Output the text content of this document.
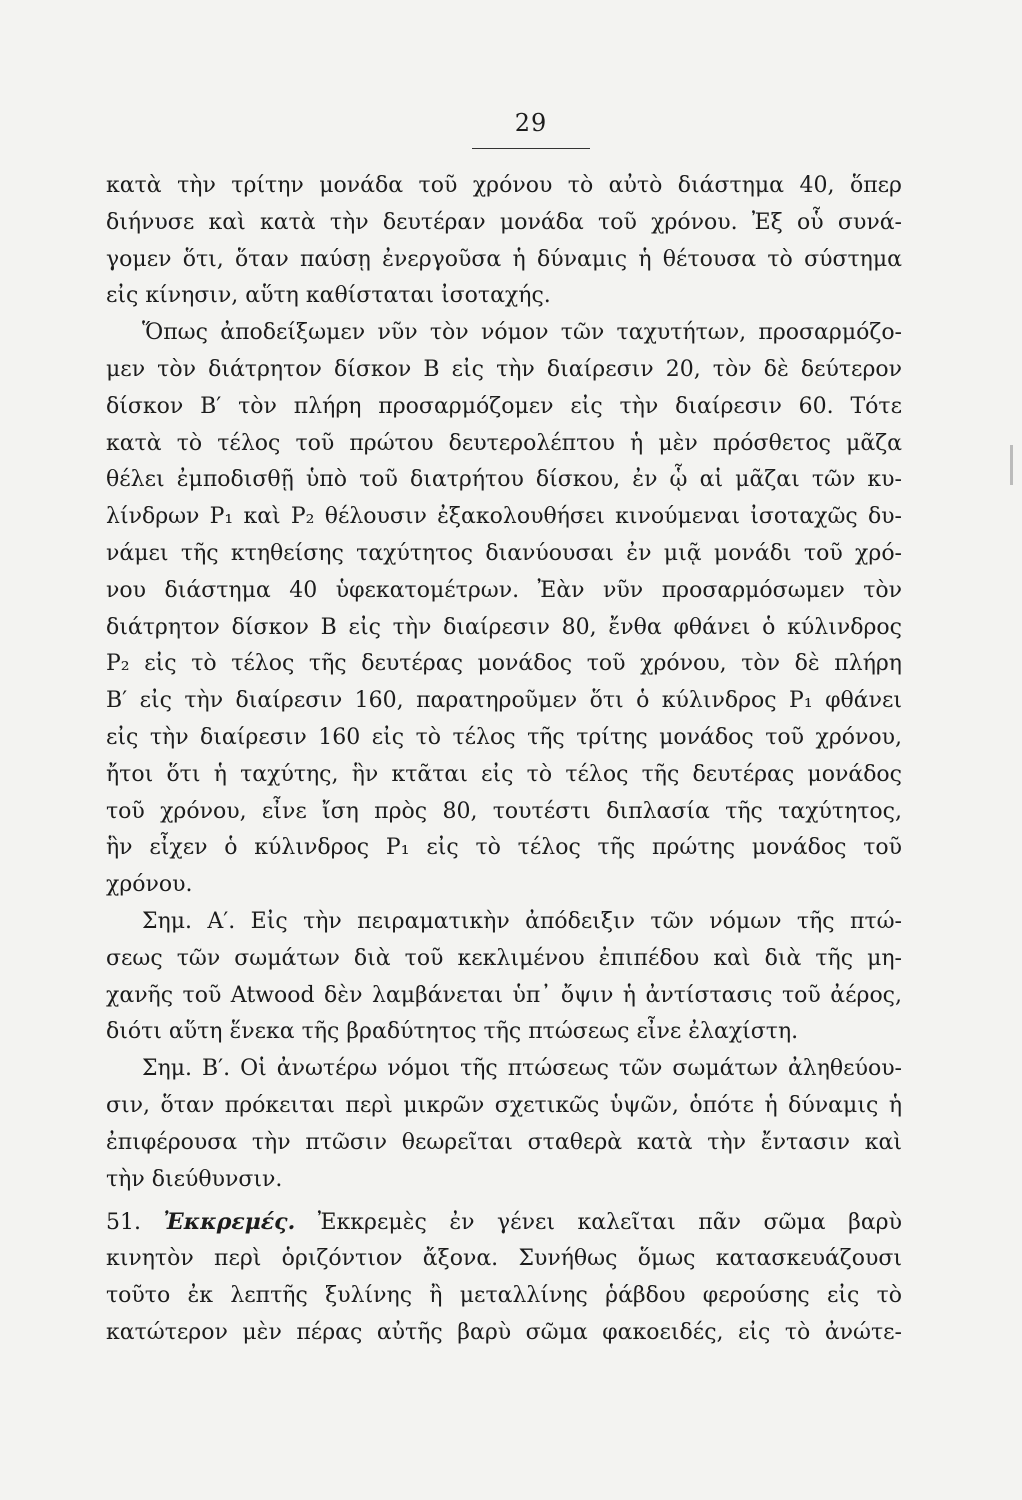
29
κατὰ τὴν τρίτην μονάδα τοῦ χρόνου τὸ αὐτὸ διάστημα 40, ὅπερ
διήνυσε καὶ κατὰ τὴν δευτέραν μονάδα τοῦ χρόνου. Ἐξ οὗ συνά-
γομεν ὅτι, ὅταν παύσῃ ἐνεργοῦσα ἡ δύναμις ἡ θέτουσα τὸ σύστημα
εἰς κίνησιν, αὕτη καθίσταται ἰσοταχής.
Ὅπως ἀποδείξωμεν νῦν τὸν νόμον τῶν ταχυτήτων, προσαρμόζο-
μεν τὸν διάτρητον δίσκον B εἰς τὴν διαίρεσιν 20, τὸν δὲ δεύτερον
δίσκον B′ τὸν πλήρη προσαρμόζομεν εἰς τὴν διαίρεσιν 60. Τότε
κατὰ τὸ τέλος τοῦ πρώτου δευτερολέπτου ἡ μὲν πρόσθετος μᾶζα
θέλει ἐμποδισθῇ ὑπὸ τοῦ διατρήτου δίσκου, ἐν ᾧ αἱ μᾶζαι τῶν κυ-
λίνδρων P₁ καὶ P₂ θέλουσιν ἐξακολουθήσει κινούμεναι ἰσοταχῶς δυ-
νάμει τῆς κτηθείσης ταχύτητος διανύουσαι ἐν μιᾷ μονάδι τοῦ χρό-
νου διάστημα 40 ὑφεκατομέτρων. Ἐὰν νῦν προσαρμόσωμεν τὸν
διάτρητον δίσκον B εἰς τὴν διαίρεσιν 80, ἔνθα φθάνει ὁ κύλινδρος
P₂ εἰς τὸ τέλος τῆς δευτέρας μονάδος τοῦ χρόνου, τὸν δὲ πλήρη
B′ εἰς τὴν διαίρεσιν 160, παρατηροῦμεν ὅτι ὁ κύλινδρος P₁ φθάνει
εἰς τὴν διαίρεσιν 160 εἰς τὸ τέλος τῆς τρίτης μονάδος τοῦ χρόνου,
ἤτοι ὅτι ἡ ταχύτης, ἣν κτᾶται εἰς τὸ τέλος τῆς δευτέρας μονάδος
τοῦ χρόνου, εἶνε ἴση πρὸς 80, τουτέστι διπλασία τῆς ταχύτητος,
ἣν εἶχεν ὁ κύλινδρος P₁ εἰς τὸ τέλος τῆς πρώτης μονάδος τοῦ
χρόνου.
Σημ. Α′. Εἰς τὴν πειραματικὴν ἀπόδειξιν τῶν νόμων τῆς πτώ-
σεως τῶν σωμάτων διὰ τοῦ κεκλιμένου ἐπιπέδου καὶ διὰ τῆς μη-
χανῆς τοῦ Atwood δὲν λαμβάνεται ὑπ᾽ ὄψιν ἡ ἀντίστασις τοῦ ἀέρος,
διότι αὕτη ἕνεκα τῆς βραδύτητος τῆς πτώσεως εἶνε ἐλαχίστη.
Σημ. Β′. Οἱ ἀνωτέρω νόμοι τῆς πτώσεως τῶν σωμάτων ἀληθεύου-
σιν, ὅταν πρόκειται περὶ μικρῶν σχετικῶς ὑψῶν, ὁπότε ἡ δύναμις ἡ
ἐπιφέρουσα τὴν πτῶσιν θεωρεῖται σταθερὰ κατὰ τὴν ἔντασιν καὶ
τὴν διεύθυνσιν.
51. Ἐκκρεμές. Ἐκκρεμὲς ἐν γένει καλεῖται πᾶν σῶμα βαρὺ
κινητὸν περὶ ὁριζόντιον ἄξονα. Συνήθως ὅμως κατασκευάζουσι
τοῦτο ἐκ λεπτῆς ξυλίνης ἢ μεταλλίνης ῥάβδου φερούσης εἰς τὸ
κατώτερον μὲν πέρας αὐτῆς βαρὺ σῶμα φακοειδές, εἰς τὸ ἀνώτε-
